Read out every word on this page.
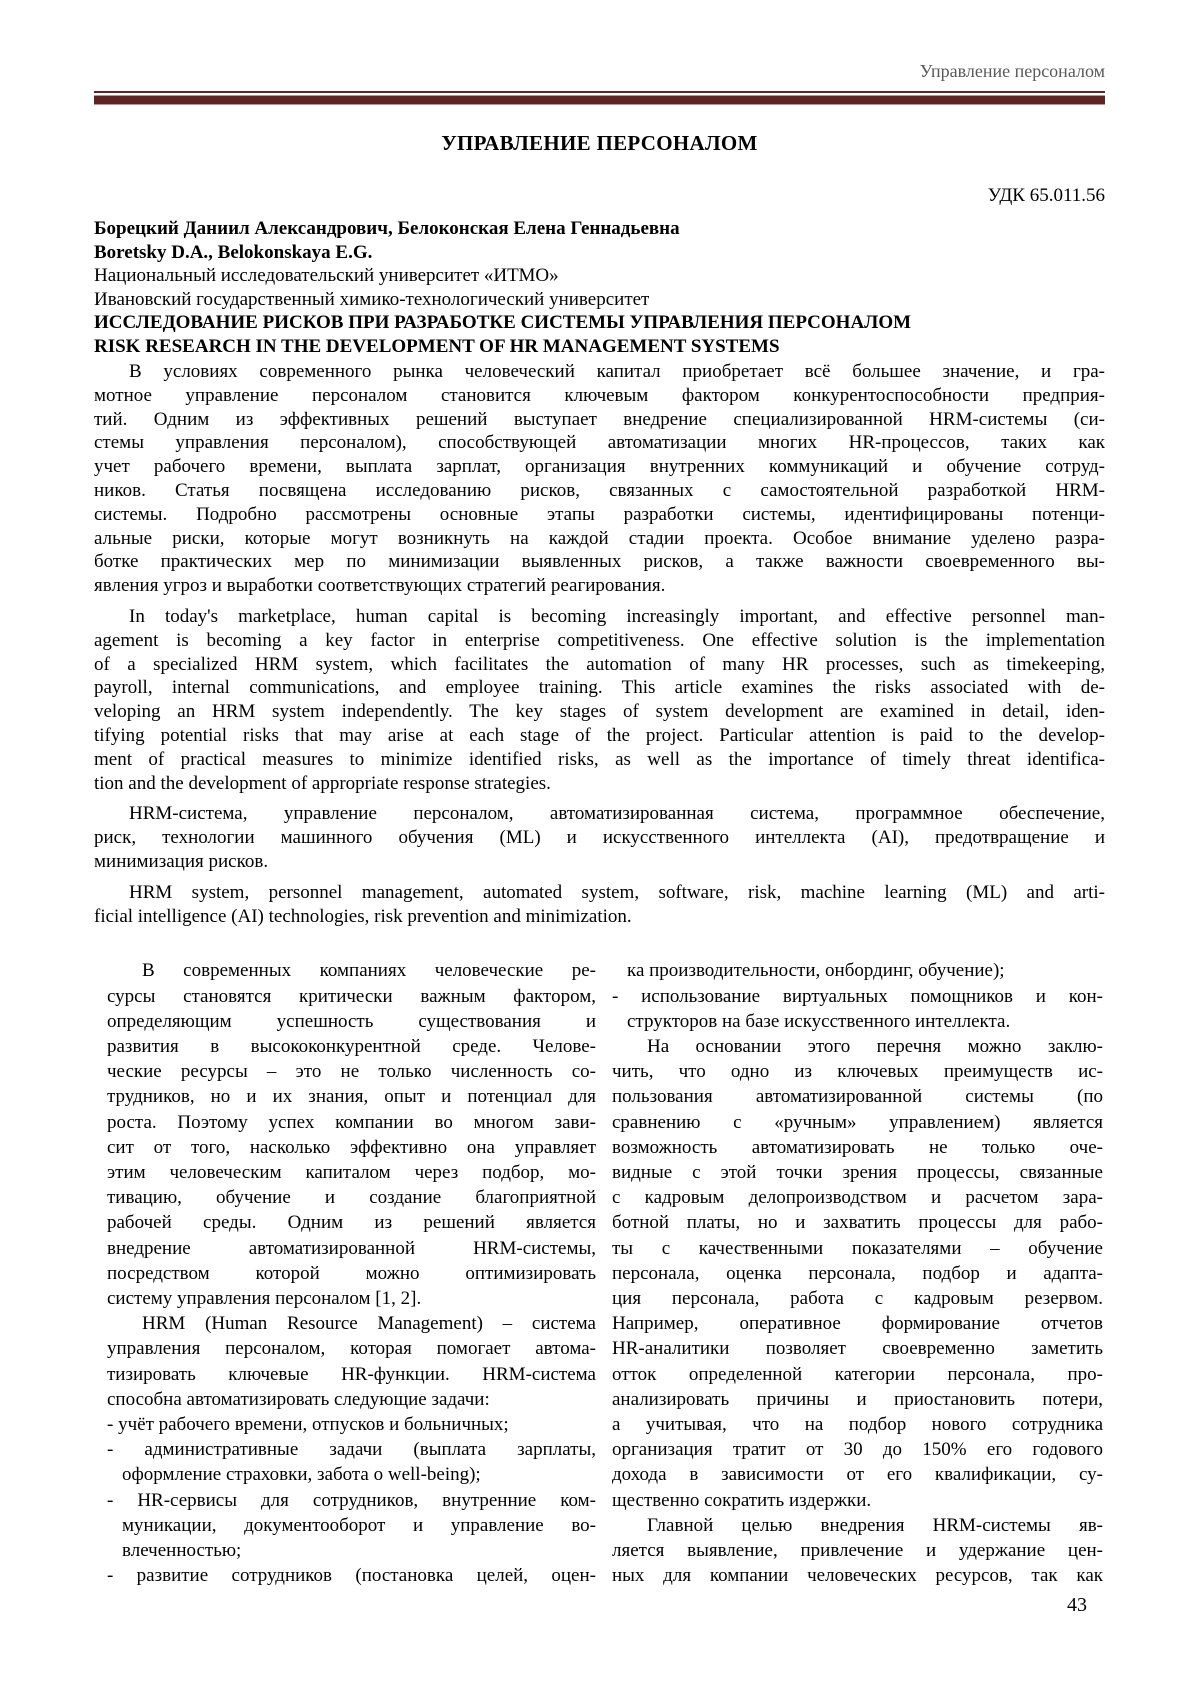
Управление персоналом
УПРАВЛЕНИЕ ПЕРСОНАЛОМ
УДК 65.011.56
Борецкий Даниил Александрович, Белоконская Елена Геннадьевна
Boretsky D.A., Belokonskaya E.G.
Национальный исследовательский университет «ИТМО»
Ивановский государственный химико-технологический университет
ИССЛЕДОВАНИЕ РИСКОВ ПРИ РАЗРАБОТКЕ СИСТЕМЫ УПРАВЛЕНИЯ ПЕРСОНАЛОМ
RISK RESEARCH IN THE DEVELOPMENT OF HR MANAGEMENT SYSTEMS
В условиях современного рынка человеческий капитал приобретает всё большее значение, и гра-
мотное управление персоналом становится ключевым фактором конкурентоспособности предприя-
тий. Одним из эффективных решений выступает внедрение специализированной HRM-системы (си-
стемы управления персоналом), способствующей автоматизации многих HR-процессов, таких как
учет рабочего времени, выплата зарплат, организация внутренних коммуникаций и обучение сотруд-
ников. Статья посвящена исследованию рисков, связанных с самостоятельной разработкой HRM-
системы. Подробно рассмотрены основные этапы разработки системы, идентифицированы потенци-
альные риски, которые могут возникнуть на каждой стадии проекта. Особое внимание уделено разра-
ботке практических мер по минимизации выявленных рисков, а также важности своевременного вы-
явления угроз и выработки соответствующих стратегий реагирования.
In today's marketplace, human capital is becoming increasingly important, and effective personnel man-
agement is becoming a key factor in enterprise competitiveness. One effective solution is the implementation
of a specialized HRM system, which facilitates the automation of many HR processes, such as timekeeping,
payroll, internal communications, and employee training. This article examines the risks associated with de-
veloping an HRM system independently. The key stages of system development are examined in detail, iden-
tifying potential risks that may arise at each stage of the project. Particular attention is paid to the develop-
ment of practical measures to minimize identified risks, as well as the importance of timely threat identifica-
tion and the development of appropriate response strategies.
HRM-система, управление персоналом, автоматизированная система, программное обеспечение,
риск, технологии машинного обучения (ML) и искусственного интеллекта (AI), предотвращение и
минимизация рисков.
HRM system, personnel management, automated system, software, risk, machine learning (ML) and arti-
ficial intelligence (AI) technologies, risk prevention and minimization.
В современных компаниях человеческие ре-
сурсы становятся критически важным фактором,
определяющим успешность существования и
развития в высококонкурентной среде. Челове-
ческие ресурсы – это не только численность со-
трудников, но и их знания, опыт и потенциал для
роста. Поэтому успех компании во многом зави-
сит от того, насколько эффективно она управляет
этим человеческим капиталом через подбор, мо-
тивацию, обучение и создание благоприятной
рабочей среды. Одним из решений является
внедрение автоматизированной HRM-системы,
посредством которой можно оптимизировать
систему управления персоналом [1, 2].
HRM (Human Resource Management) – система
управления персоналом, которая помогает автома-
тизировать ключевые HR-функции. HRM-система
способна автоматизировать следующие задачи:
- учёт рабочего времени, отпусков и больничных;
- административные задачи (выплата зарплаты,
оформление страховки, забота о well-being);
- HR-сервисы для сотрудников, внутренние ком-
муникации, документооборот и управление во-
влеченностью;
- развитие сотрудников (постановка целей, оцен-
ка производительности, онбординг, обучение);
- использование виртуальных помощников и кон-
структоров на базе искусственного интеллекта.
На основании этого перечня можно заклю-
чить, что одно из ключевых преимуществ ис-
пользования автоматизированной системы (по
сравнению с «ручным» управлением) является
возможность автоматизировать не только оче-
видные с этой точки зрения процессы, связанные
с кадровым делопроизводством и расчетом зара-
ботной платы, но и захватить процессы для рабо-
ты с качественными показателями – обучение
персонала, оценка персонала, подбор и адапта-
ция персонала, работа с кадровым резервом.
Например, оперативное формирование отчетов
HR-аналитики позволяет своевременно заметить
отток определенной категории персонала, про-
анализировать причины и приостановить потери,
а учитывая, что на подбор нового сотрудника
организация тратит от 30 до 150% его годового
дохода в зависимости от его квалификации, су-
щественно сократить издержки.
Главной целью внедрения HRM-системы яв-
ляется выявление, привлечение и удержание цен-
ных для компании человеческих ресурсов, так как
43
